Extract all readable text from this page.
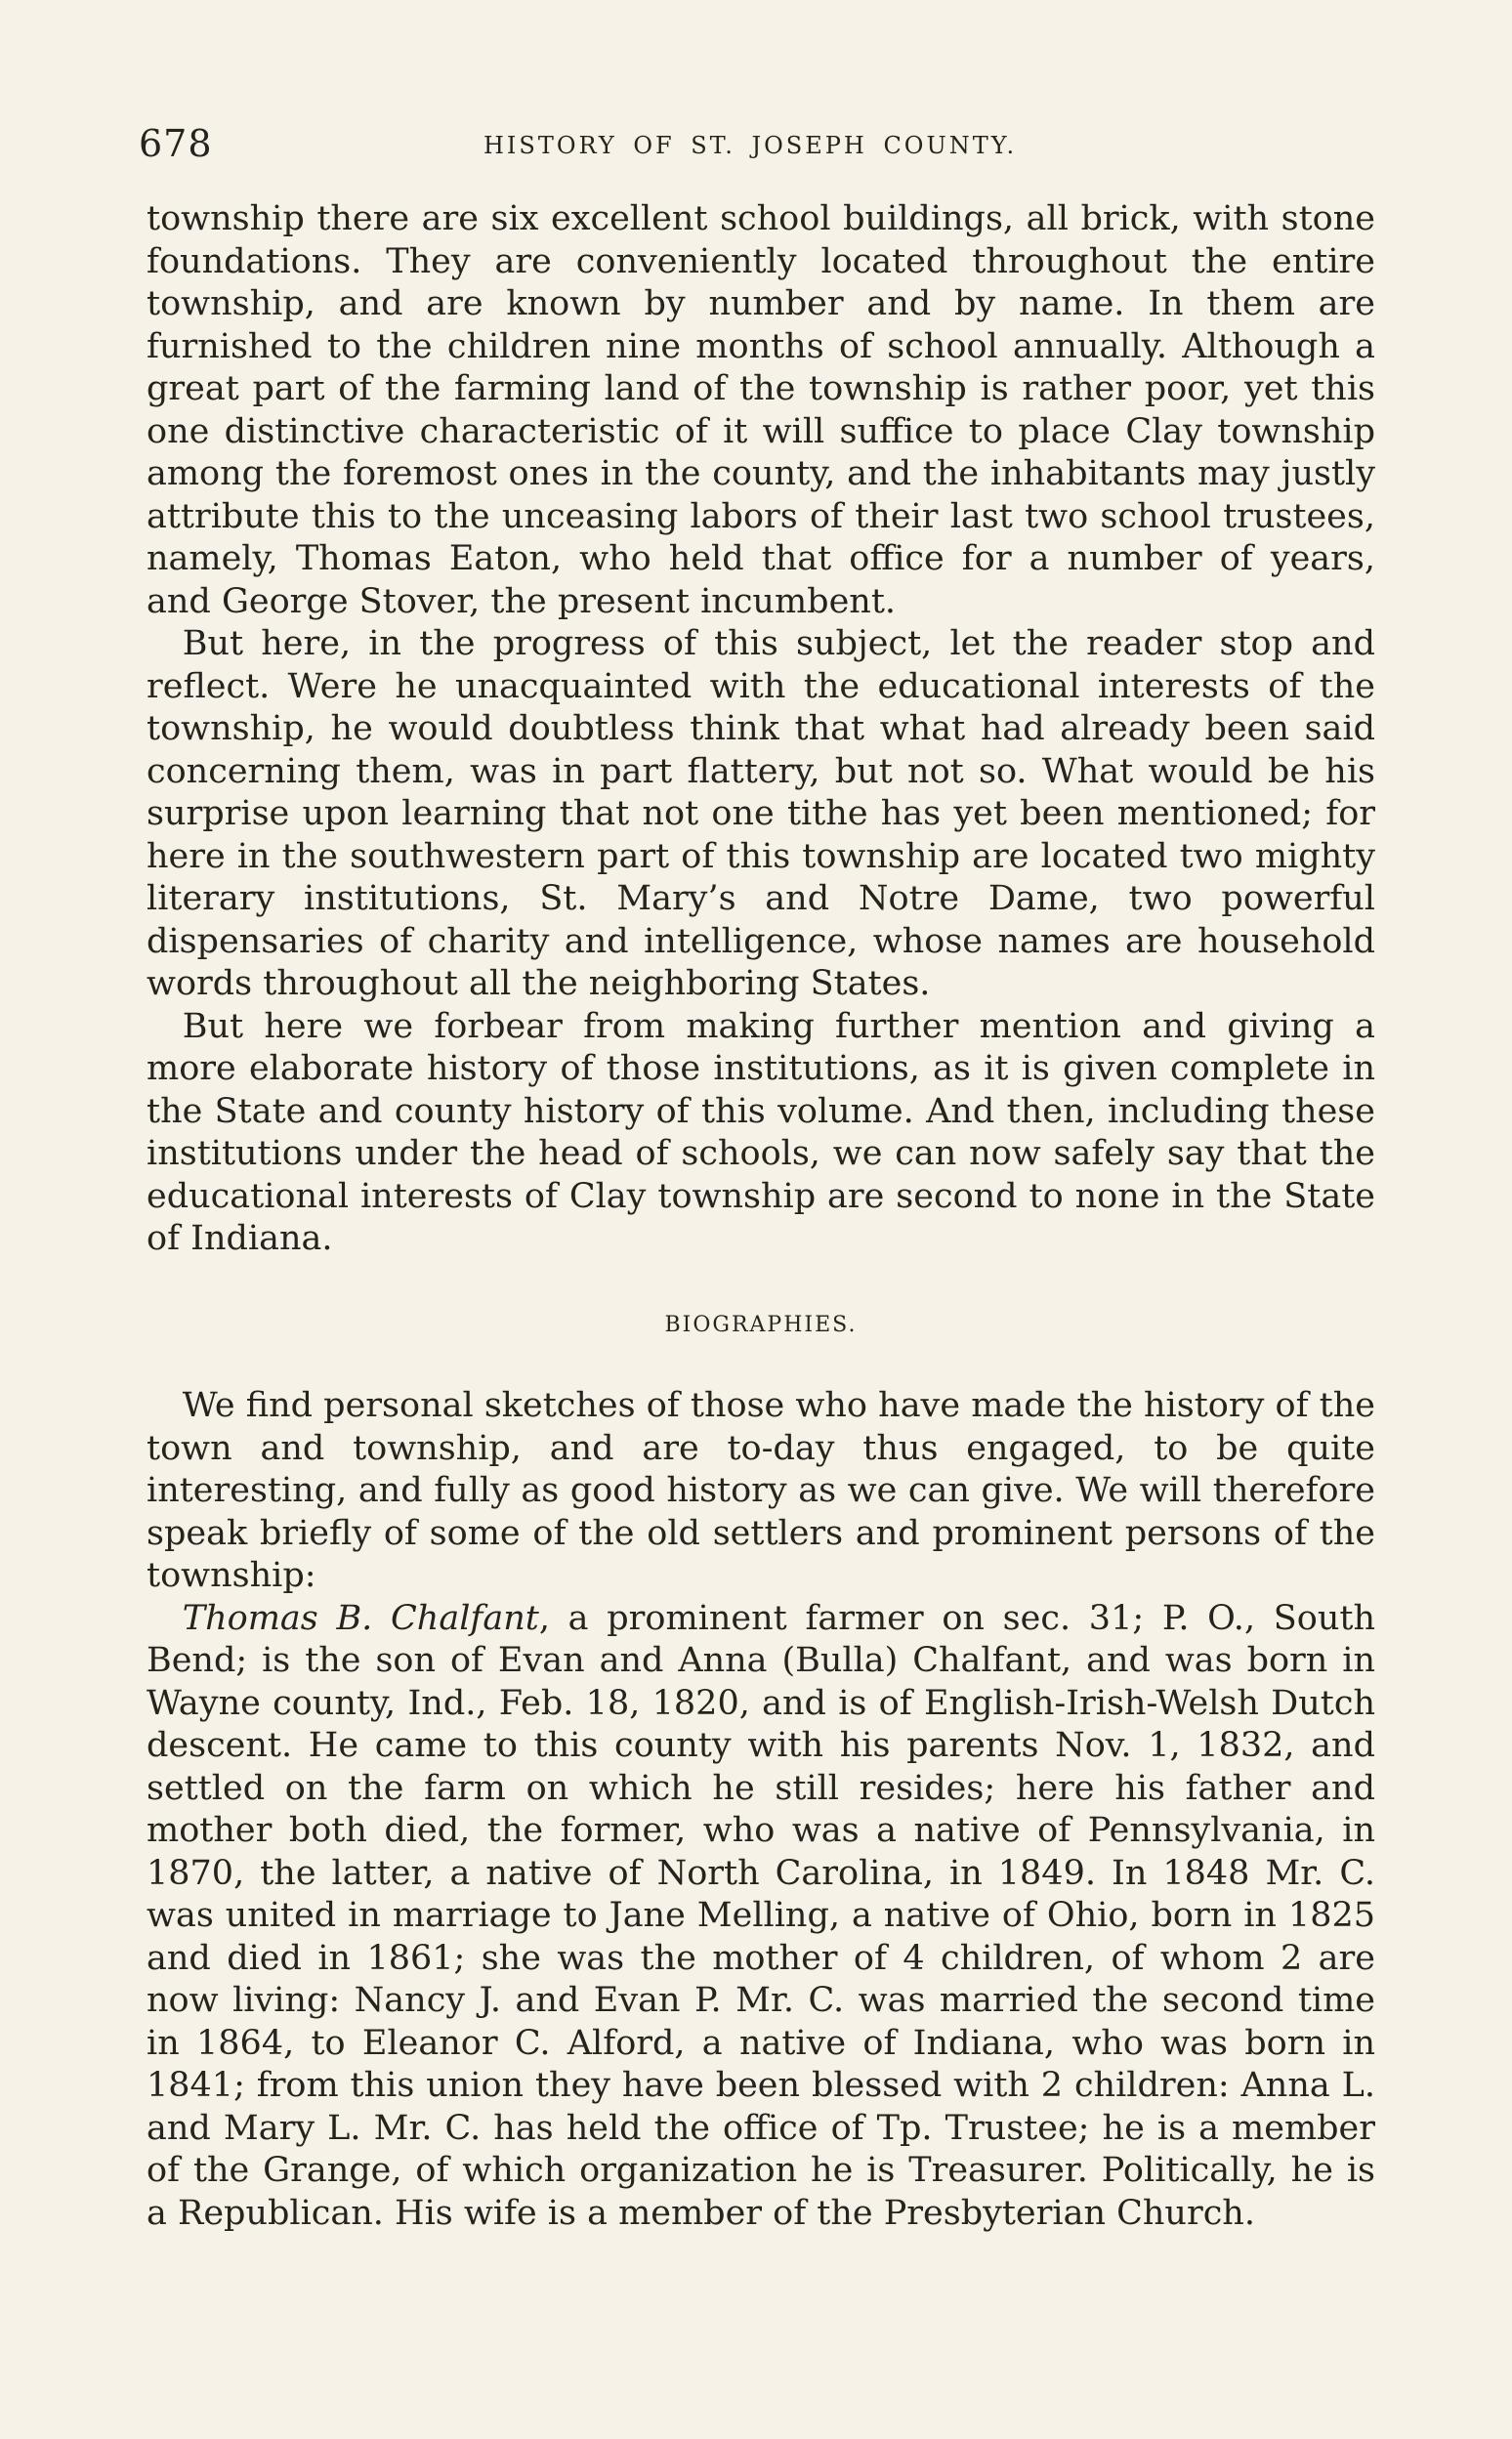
678	HISTORY OF ST. JOSEPH COUNTY.

township there are six excellent school buildings, all brick, with stone foundations. They are conveniently located throughout the entire township, and are known by number and by name. In them are furnished to the children nine months of school annually. Although a great part of the farming land of the township is rather poor, yet this one distinctive characteristic of it will suffice to place Clay township among the foremost ones in the county, and the inhabitants may justly attribute this to the unceasing labors of their last two school trustees, namely, Thomas Eaton, who held that office for a number of years, and George Stover, the present incumbent.

But here, in the progress of this subject, let the reader stop and reflect. Were he unacquainted with the educational interests of the township, he would doubtless think that what had already been said concerning them, was in part flattery, but not so. What would be his surprise upon learning that not one tithe has yet been mentioned; for here in the southwestern part of this township are located two mighty literary institutions, St. Mary’s and Notre Dame, two powerful dispensaries of charity and intelligence, whose names are household words throughout all the neighboring States.

But here we forbear from making further mention and giving a more elaborate history of those institutions, as it is given complete in the State and county history of this volume. And then, including these institutions under the head of schools, we can now safely say that the educational interests of Clay township are second to none in the State of Indiana.

BIOGRAPHIES.

We find personal sketches of those who have made the history of the town and township, and are to-day thus engaged, to be quite interesting, and fully as good history as we can give. We will therefore speak briefly of some of the old settlers and prominent persons of the township:

Thomas B. Chalfant, a prominent farmer on sec. 31; P. O., South Bend; is the son of Evan and Anna (Bulla) Chalfant, and was born in Wayne county, Ind., Feb. 18, 1820, and is of English-Irish-Welsh Dutch descent. He came to this county with his parents Nov. 1, 1832, and settled on the farm on which he still resides; here his father and mother both died, the former, who was a native of Pennsylvania, in 1870, the latter, a native of North Carolina, in 1849. In 1848 Mr. C. was united in marriage to Jane Melling, a native of Ohio, born in 1825 and died in 1861; she was the mother of 4 children, of whom 2 are now living: Nancy J. and Evan P. Mr. C. was married the second time in 1864, to Eleanor C. Alford, a native of Indiana, who was born in 1841; from this union they have been blessed with 2 children: Anna L. and Mary L. Mr. C. has held the office of Tp. Trustee; he is a member of the Grange, of which organization he is Treasurer. Politically, he is a Republican. His wife is a member of the Presbyterian Church.
